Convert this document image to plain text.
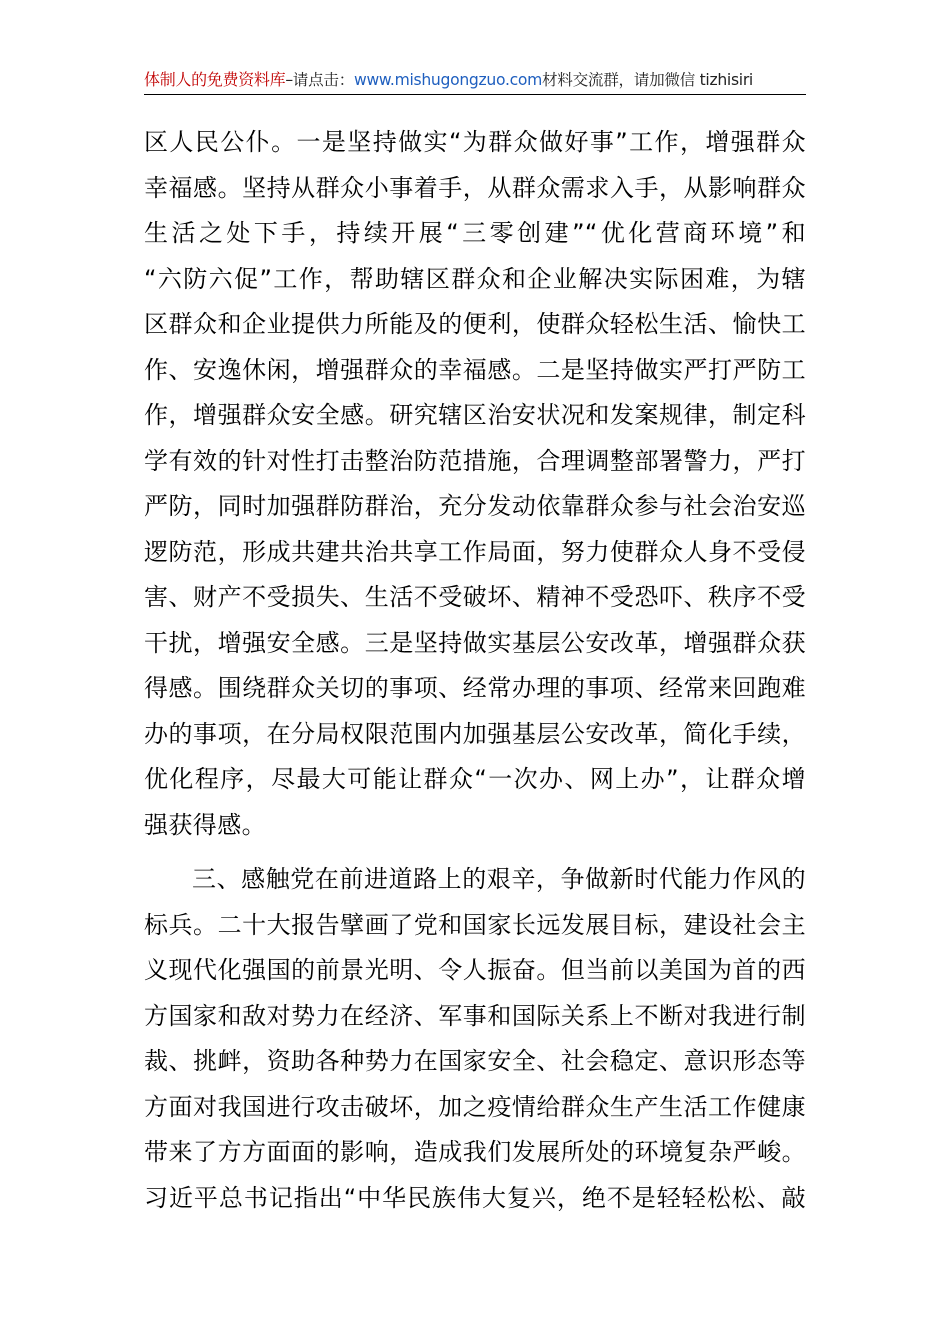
体制人的免费资料库–请点击：www.mishugongzuo.com材料交流群，请加微信 tizhisiri
区人民公仆。一是坚持做实“为群众做好事”工作，增强群众
幸福感。坚持从群众小事着手，从群众需求入手，从影响群众
生活之处下手，持续开展“三零创建”“优化营商环境”和
“六防六促”工作，帮助辖区群众和企业解决实际困难，为辖
区群众和企业提供力所能及的便利，使群众轻松生活、愉快工
作、安逸休闲，增强群众的幸福感。二是坚持做实严打严防工
作，增强群众安全感。研究辖区治安状况和发案规律，制定科
学有效的针对性打击整治防范措施，合理调整部署警力，严打
严防，同时加强群防群治，充分发动依靠群众参与社会治安巡
逻防范，形成共建共治共享工作局面，努力使群众人身不受侵
害、财产不受损失、生活不受破坏、精神不受恐吓、秩序不受
干扰，增强安全感。三是坚持做实基层公安改革，增强群众获
得感。围绕群众关切的事项、经常办理的事项、经常来回跑难
办的事项，在分局权限范围内加强基层公安改革，简化手续，
优化程序，尽最大可能让群众“一次办、网上办”，让群众增
强获得感。
三、感触党在前进道路上的艰辛，争做新时代能力作风的
标兵。二十大报告擘画了党和国家长远发展目标，建设社会主
义现代化强国的前景光明、令人振奋。但当前以美国为首的西
方国家和敌对势力在经济、军事和国际关系上不断对我进行制
裁、挑衅，资助各种势力在国家安全、社会稳定、意识形态等
方面对我国进行攻击破坏，加之疫情给群众生产生活工作健康
带来了方方面面的影响，造成我们发展所处的环境复杂严峻。
习近平总书记指出“中华民族伟大复兴，绝不是轻轻松松、敲
